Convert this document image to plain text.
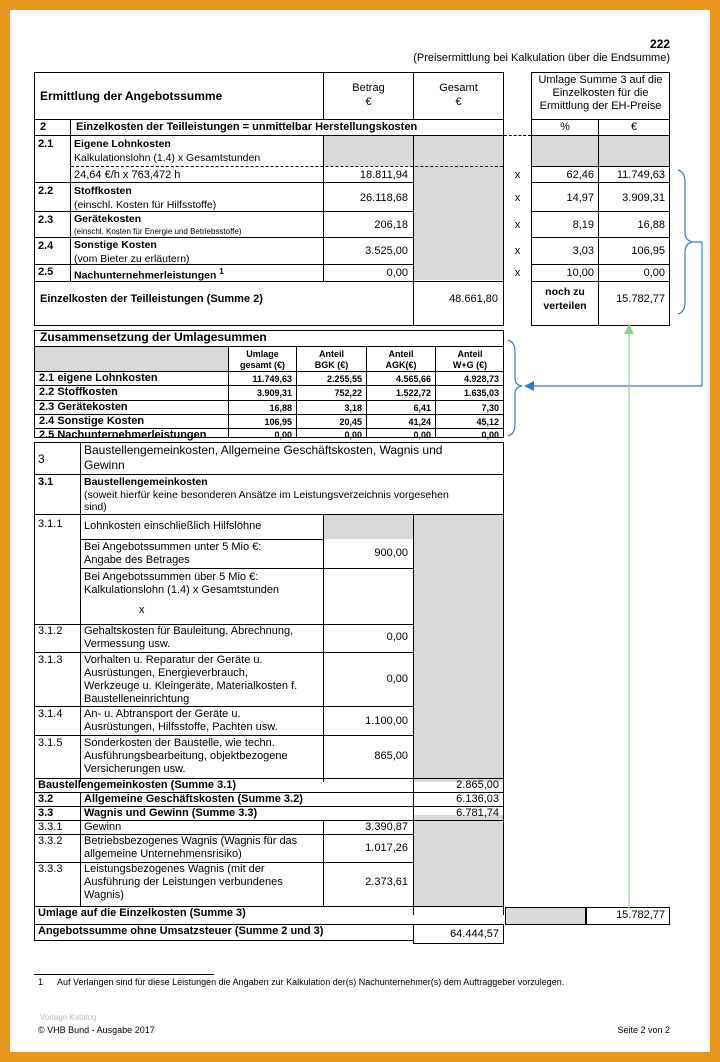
222
(Preisermittlung bei Kalkulation über die Endsumme)
Ermittlung der Angebotssumme
Betrag
€
Gesamt
€
Umlage Summe 3 auf die Einzelkosten für die Ermittlung der EH-Preise
2	Einzelkosten der Teilleistungen = unmittelbar Herstellungskosten	%	€
2.1 Eigene Lohnkosten
Kalkulationslohn (1.4) x Gesamtstunden
24,64 €/h x 763,472 h	18.811,94	x	62,46	11.749,63
2.2 Stoffkosten
(einschl. Kosten für Hilfsstoffe)
26.118,68	x	14,97	3.909,31
2.3 Gerätekosten
(einschl. Kosten für Energie und Betriebsstoffe)
206,18	x	8,19	16,88
2.4 Sonstige Kosten
(vom Bieter zu erläutern)
3.525,00	x	3,03	106,95
2.5 Nachunternehmerleistungen $^1$	0,00	x	10,00	0,00
Einzelkosten der Teilleistungen (Summe 2)	48.661,80
noch zu
verteilen
15.782,77
Zusammensetzung der Umlagesummen
Umlage
gesamt (€)
Anteil
BGK (€)
Anteil
AGK(€)
Anteil
W+G (€)
2.1 eigene Lohnkosten	11.749,63	2.255,55	4.565,66	4.928,73
2.2 Stoffkosten	3.909,31	752,22	1.522,72	1.635,03
2.3 Gerätekosten	16,88	3,18	6,41	7,30
2.4 Sonstige Kosten	106,95	20,45	41,24	45,12
2.5 Nachunternehmerleistungen	0,00	0,00	0,00	0,00
3
Baustellengemeinkosten, Allgemeine Geschäftskosten, Wagnis und
Gewinn
3.1	Baustellengemeinkosten
(soweit hierfür keine besonderen Ansätze im Leistungsverzeichnis vorgesehen
sind)
3.1.1 Lohnkosten einschließlich Hilfslöhne
Bei Angebotssummen unter 5 Mio €:
Angabe des Betrages
900,00
Bei Angebotssummen über 5 Mio €:
Kalkulationslohn (1.4) x Gesamtstunden
x
3.1.2 Gehaltskosten für Bauleitung, Abrechnung,
Vermessung usw.
0,00
3.1.3 Vorhalten u. Reparatur der Geräte u.
Ausrüstungen, Energieverbrauch,
Werkzeuge u. Kleingeräte, Materialkosten f.
Baustelleneinrichtung
0,00
3.1.4 An- u. Abtransport der Geräte u.
Ausrüstungen, Hilfsstoffe, Pachten usw.	1.100,00
3.1.5 Sonderkosten der Baustelle, wie techn.
Ausführungsbearbeitung, objektbezogene
Versicherungen usw.
865,00
Baustellengemeinkosten (Summe 3.1)	2.865,00
3.2	Allgemeine Geschäftskosten (Summe 3.2)	6.136,03
3.3	Wagnis und Gewinn (Summe 3.3)	6.781,74
3.3.1 Gewinn	3.390,87
3.3.2 Betriebsbezogenes Wagnis (Wagnis für das
allgemeine Unternehmensrisiko)	1.017,26
3.3.3 Leistungsbezogenes Wagnis (mit der
Ausführung der Leistungen verbundenes
Wagnis)
2.373,61
Umlage auf die Einzelkosten (Summe 3)	15.782,77
Angebotssumme ohne Umsatzsteuer (Summe 2 und 3)	64.444,57
1 Auf Verlangen sind für diese Leistungen die Angaben zur Kalkulation der(s) Nachunternehmer(s) dem Auftraggeber vorzulegen.
Vorlage Katalog
© VHB Bund - Ausgabe 2017	Seite 2 von 2
